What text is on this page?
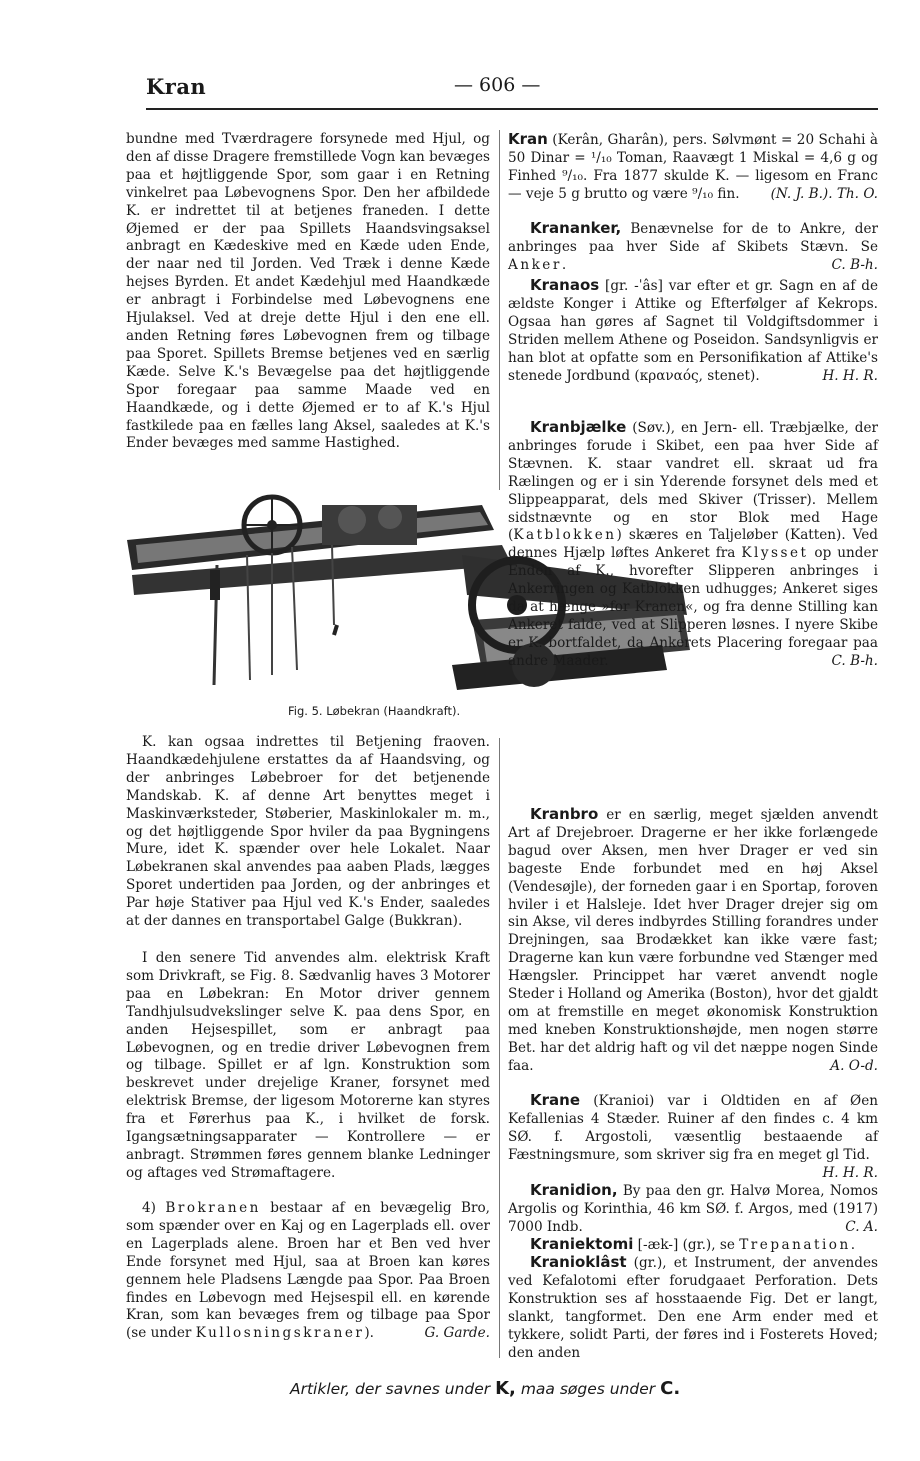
Kran	— 606 —

bundne med Tværdragere forsynede med Hjul, og den af disse Dragere fremstillede Vogn kan bevæges paa et højtliggende Spor, som gaar i en Retning vinkelret paa Løbevognens Spor. Den her afbildede K. er indrettet til at betjenes franeden. I dette Øjemed er der paa Spillets Haandsvingsaksel anbragt en Kædeskive med en Kæde uden Ende, der naar ned til Jorden. Ved Træk i denne Kæde hejses Byrden. Et andet Kædehjul med Haandkæde er anbragt i Forbindelse med Løbevognens ene Hjulaksel. Ved at dreje dette Hjul i den ene ell. anden Retning føres Løbevognen frem og tilbage paa Sporet. Spillets Bremse betjenes ved en særlig Kæde. Selve K.'s Bevægelse paa det højtliggende Spor foregaar paa samme Maade ved en Haandkæde, og i dette Øjemed er to af K.'s Hjul fastkilede paa en fælles lang Aksel, saaledes at K.'s Ender bevæges med samme Hastighed.

Fig. 5. Løbekran (Haandkraft).

K. kan ogsaa indrettes til Betjening fraoven. Haandkædehjulene erstattes da af Haandsving, og der anbringes Løbebroer for det betjenende Mandskab. K. af denne Art benyttes meget i Maskinværksteder, Støberier, Maskinlokaler m. m., og det højtliggende Spor hviler da paa Bygningens Mure, idet K. spænder over hele Lokalet. Naar Løbekranen skal anvendes paa aaben Plads, lægges Sporet undertiden paa Jorden, og der anbringes et Par høje Stativer paa Hjul ved K.'s Ender, saaledes at der dannes en transportabel Galge (Bukkran).

I den senere Tid anvendes alm. elektrisk Kraft som Drivkraft, se Fig. 8. Sædvanlig haves 3 Motorer paa en Løbekran: En Motor driver gennem Tandhjulsudvekslinger selve K. paa dens Spor, en anden Hejsespillet, som er anbragt paa Løbevognen, og en tredie driver Løbevognen frem og tilbage. Spillet er af lgn. Konstruktion som beskrevet under drejelige Kraner, forsynet med elektrisk Bremse, der ligesom Motorerne kan styres fra et Førerhus paa K., i hvilket de forsk. Igangsætningsapparater — Kontrollere — er anbragt. Strømmen føres gennem blanke Ledninger og aftages ved Strømaftagere.

4) Brokranen bestaar af en bevægelig Bro, som spænder over en Kaj og en Lagerplads ell. over en Lagerplads alene. Broen har et Ben ved hver Ende forsynet med Hjul, saa at Broen kan køres gennem hele Pladsens Længde paa Spor. Paa Broen findes en Løbevogn med Hejsespil ell. en kørende Kran, som kan bevæges frem og tilbage paa Spor (se under Kullosningskraner).	G. Garde.

Kran (Kerân, Gharân), pers. Sølvmønt = 20 Schahi à 50 Dinar = ¹/₁₀ Toman, Raavægt 1 Miskal = 4,6 g og Finhed ⁹/₁₀. Fra 1877 skulde K. — ligesom en Franc — veje 5 g brutto og være ⁹/₁₀ fin. (N. J. B.). Th. O.

Krananker, Benævnelse for de to Ankre, der anbringes paa hver Side af Skibets Stævn. Se Anker.	C. B-h.

Kranaos [gr. -ˈâs] var efter et gr. Sagn en af de ældste Konger i Attike og Efterfølger af Kekrops. Ogsaa han gøres af Sagnet til Voldgiftsdommer i Striden mellem Athene og Poseidon. Sandsynligvis er han blot at opfatte som en Personifikation af Attike's stenede Jordbund (κραναός, stenet).	H. H. R.

Kranbjælke (Søv.), en Jern- ell. Træbjælke, der anbringes forude i Skibet, een paa hver Side af Stævnen. K. staar vandret ell. skraat ud fra Rælingen og er i sin Yderende forsynet dels med et Slippeapparat, dels med Skiver (Trisser). Mellem sidstnævnte og en stor Blok med Hage (Katblokken) skæres en Taljeløber (Katten). Ved dennes Hjælp løftes Ankeret fra Klysset op under Enden af K., hvorefter Slipperen anbringes i Ankerringen og Katblokken udhugges; Ankeret siges da at hænge »for Kranen«, og fra denne Stilling kan Ankeret falde, ved at Slipperen løsnes. I nyere Skibe er K. bortfaldet, da Ankerets Placering foregaar paa andre Maader.	C. B-h.

Kranbro er en særlig, meget sjælden anvendt Art af Drejebroer. Dragerne er her ikke forlængede bagud over Aksen, men hver Drager er ved sin bageste Ende forbundet med en høj Aksel (Vendesøjle), der forneden gaar i en Sportap, foroven hviler i et Halsleje. Idet hver Drager drejer sig om sin Akse, vil deres indbyrdes Stilling forandres under Drejningen, saa Brodækket kan ikke være fast; Dragerne kan kun være forbundne ved Stænger med Hængsler. Princippet har været anvendt nogle Steder i Holland og Amerika (Boston), hvor det gjaldt om at fremstille en meget økonomisk Konstruktion med kneben Konstruktionshøjde, men nogen større Bet. har det aldrig haft og vil det næppe nogen Sinde faa.	A. O-d.

Krane (Kranioi) var i Oldtiden en af Øen Kefallenias 4 Stæder. Ruiner af den findes c. 4 km SØ. f. Argostoli, væsentlig bestaaende af Fæstningsmure, som skriver sig fra en meget gl Tid.
H. H. R.

Kranidion, By paa den gr. Halvø Morea, Nomos Argolis og Korinthia, 46 km SØ. f. Argos, med (1917) 7000 Indb.	C. A.

Kraniektomi [-æk-] (gr.), se Trepanation.

Kranioklâst (gr.), et Instrument, der anvendes ved Kefalotomi efter forudgaaet Perforation. Dets Konstruktion ses af hosstaaende Fig. Det er langt, slankt, tangformet. Den ene Arm ender med et tykkere, solidt Parti, der føres ind i Fosterets Hoved; den anden

Artikler, der savnes under K, maa søges under C.
